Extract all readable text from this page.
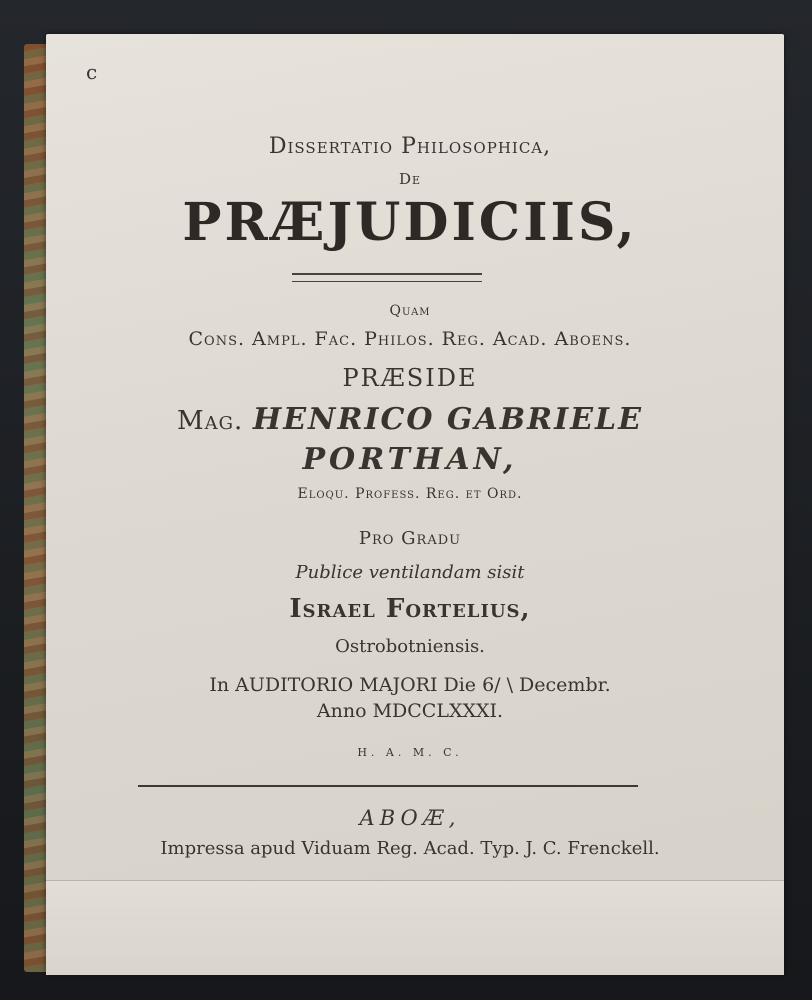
c
Dissertatio Philosophica,
De
PRÆJUDICIIS,
Quam
Cons. Ampl. Fac. Philos. Reg. Acad. Aboens.
PRÆSIDE
Mag. HENRICO GABRIELE
PORTHAN,
Eloqu. Profess. Reg. et Ord.
Pro Gradu
Publice ventilandam sisit
Israel Fortelius,
Ostrobotniensis.
In AUDITORIO MAJORI Die 6/ \ Decembr.
Anno MDCCLXXXI.
H. A. M. C.
ABOÆ,
Impressa apud Viduam Reg. Acad. Typ. J. C. Frenckell.
